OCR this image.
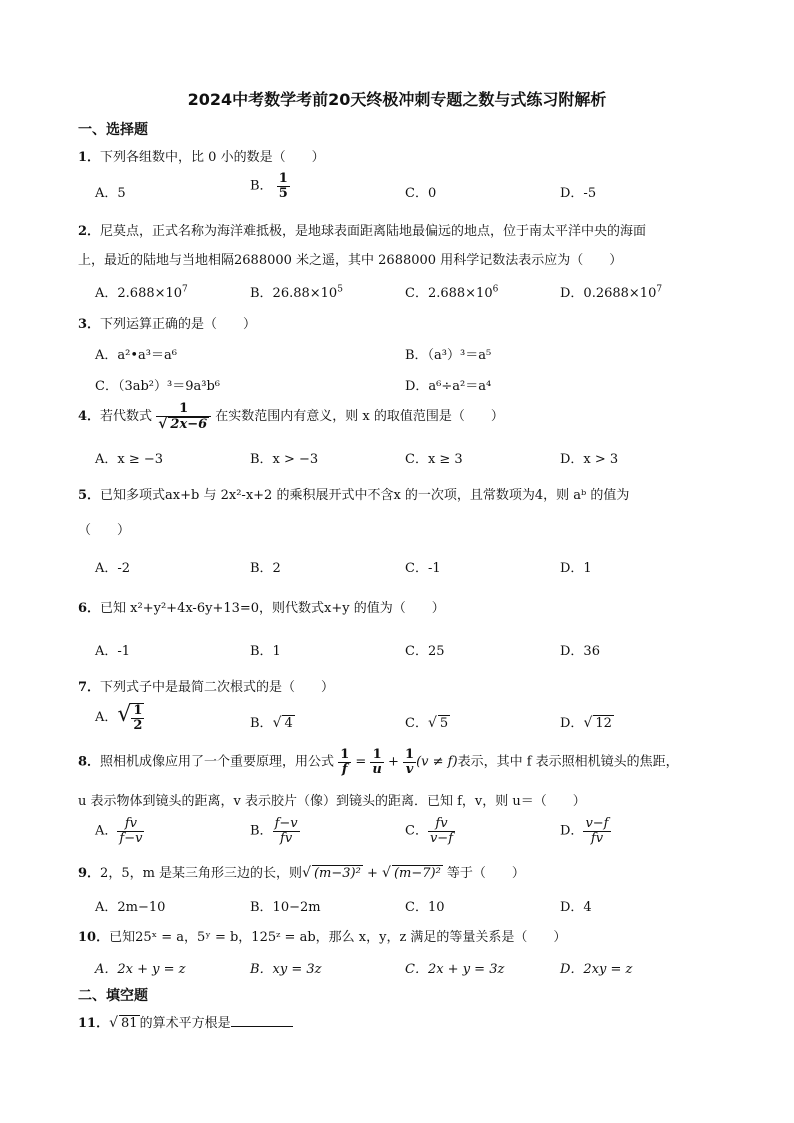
2024中考数学考前20天终极冲刺专题之数与式练习附解析
一、选择题
1．下列各组数中，比 0 小的数是（　　）
A．5	B． $\frac{1}{5}$	C．0	D．-5
2．尼莫点，正式名称为海洋难抵极，是地球表面距离陆地最偏远的地点，位于南太平洋中央的海面
上，最近的陆地与当地相隔2688000 米之遥，其中 2688000 用科学记数法表示应为（　　）
A．$2.688\times 10^7$	B．$26.88\times 10^5$	C．$2.688\times 10^6$	D．$0.2688\times 10^7$
3．下列运算正确的是（　　）
A．a²•a³＝a⁶	B．（a³）³＝a⁵
C．（3ab²）³＝9a³b⁶	D．a⁶÷a²＝a⁴
4．若代数式 $\frac{1}{√ 2x-6}$ 在实数范围内有意义，则 x 的取值范围是（　　）
A．x ≥ −3	B．x > −3	C．x ≥ 3	D．x > 3
5．已知多项式ax+b 与 2x²-x+2 的乘积展开式中不含x 的一次项，且常数项为4，则 aᵇ 的值为
（　　）
A．-2	B．2	C．-1	D．1
6．已知 x²+y²+4x-6y+13=0，则代数式x+y 的值为（　　）
A．-1	B．1	C．25	D．36
7．下列式子中是最简二次根式的是（　　）
A．√ $\frac{1}{2}$	B．√ 4	C．√ 5	D．√ 12
8．照相机成像应用了一个重要原理，用公式 $\frac{1}{f} = \frac{1}{u} + \frac{1}{v} (v \ne f)$表示，其中 f 表示照相机镜头的焦距，
u 表示物体到镜头的距离，v 表示胶片（像）到镜头的距离．已知 f，v，则 u＝（　　）
A． $\frac{fv}{f-v}$	B． $\frac{f-v}{fv}$	C． $\frac{fv}{v-f}$	D． $\frac{v-f}{fv}$
9．2，5，m 是某三角形三边的长，则√ (m−3)² + √ (m−7)² 等于（　　）
A．2m−10	B．10−2m	C．10	D．4
10．已知25ˣ = a，5ʸ = b，125ᶻ = ab，那么 x，y，z 满足的等量关系是（　　）
A．2x + y = z	B．xy = 3z	C．2x + y = 3z	D．2xy = z
二、填空题
11．√ 81 的算术平方根是
